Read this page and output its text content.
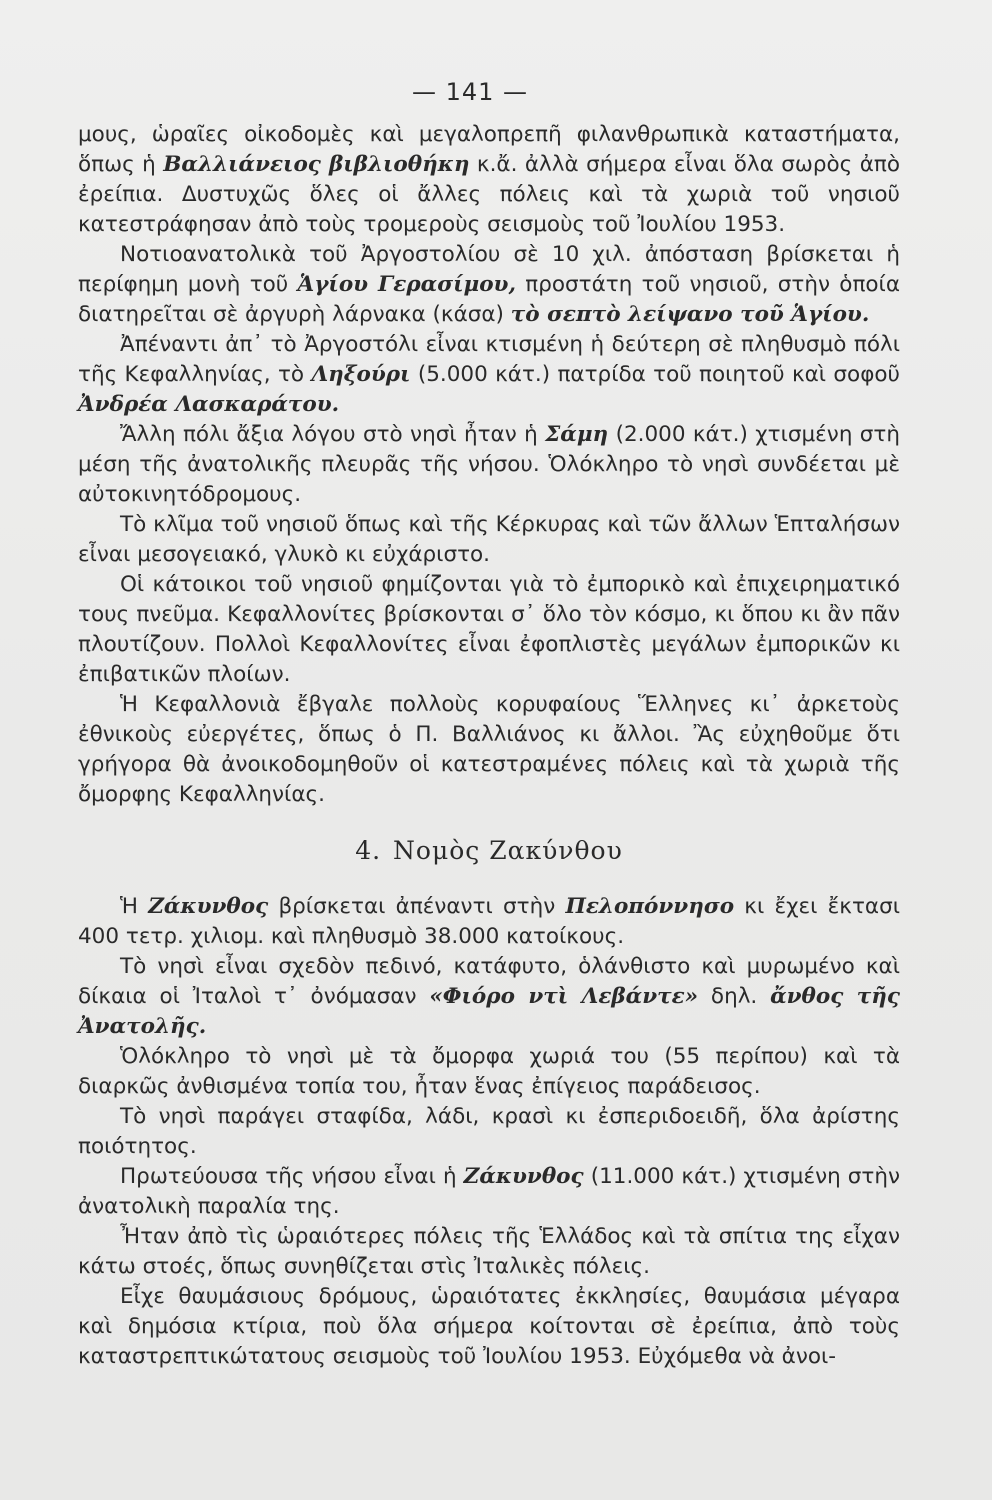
— 141 —

μους, ὡραῖες οἰκοδομὲς καὶ μεγαλοπρεπῆ φιλανθρωπικὰ καταστήματα, ὅπως ἡ Βαλλιάνειος βιβλιοθήκη κ.ἄ. ἀλλὰ σήμερα εἶναι ὅλα σωρὸς ἀπὸ ἐρείπια. Δυστυχῶς ὅλες οἱ ἄλλες πόλεις καὶ τὰ χωριὰ τοῦ νησιοῦ κατεστράφησαν ἀπὸ τοὺς τρομεροὺς σεισμοὺς τοῦ Ἰουλίου 1953.

Νοτιοανατολικὰ τοῦ Ἀργοστολίου σὲ 10 χιλ. ἀπόσταση βρίσκεται ἡ περίφημη μονὴ τοῦ Ἁγίου Γερασίμου, προστάτη τοῦ νησιοῦ, στὴν ὁποία διατηρεῖται σὲ ἀργυρὴ λάρνακα (κάσα) τὸ σεπτὸ λείψανο τοῦ Ἁγίου.

Ἀπέναντι ἀπ᾽ τὸ Ἀργοστόλι εἶναι κτισμένη ἡ δεύτερη σὲ πληθυσμὸ πόλι τῆς Κεφαλληνίας, τὸ Ληξούρι (5.000 κάτ.) πατρίδα τοῦ ποιητοῦ καὶ σοφοῦ Ἀνδρέα Λασκαράτου.

Ἄλλη πόλι ἄξια λόγου στὸ νησὶ ἦταν ἡ Σάμη (2.000 κάτ.) χτισμένη στὴ μέση τῆς ἀνατολικῆς πλευρᾶς τῆς νήσου. Ὁλόκληρο τὸ νησὶ συνδέεται μὲ αὐτοκινητόδρομους.

Τὸ κλῖμα τοῦ νησιοῦ ὅπως καὶ τῆς Κέρκυρας καὶ τῶν ἄλλων Ἑπταλήσων εἶναι μεσογειακό, γλυκὸ κι εὐχάριστο.

Οἱ κάτοικοι τοῦ νησιοῦ φημίζονται γιὰ τὸ ἐμπορικὸ καὶ ἐπιχειρηματικό τους πνεῦμα. Κεφαλλονίτες βρίσκονται σ᾽ ὅλο τὸν κόσμο, κι ὅπου κι ἂν πᾶν πλουτίζουν. Πολλοὶ Κεφαλλονίτες εἶναι ἐφοπλιστὲς μεγάλων ἐμπορικῶν κι ἐπιβατικῶν πλοίων.

Ἡ Κεφαλλονιὰ ἔβγαλε πολλοὺς κορυφαίους Ἕλληνες κι᾽ ἀρκετοὺς ἐθνικοὺς εὐεργέτες, ὅπως ὁ Π. Βαλλιάνος κι ἄλλοι. Ἂς εὐχηθοῦμε ὅτι γρήγορα θὰ ἀνοικοδομηθοῦν οἱ κατεστραμένες πόλεις καὶ τὰ χωριὰ τῆς ὄμορφης Κεφαλληνίας.

4. Νομὸς Ζακύνθου

Ἡ Ζάκυνθος βρίσκεται ἀπέναντι στὴν Πελοπόννησο κι ἔχει ἔκτασι 400 τετρ. χιλιομ. καὶ πληθυσμὸ 38.000 κατοίκους.

Τὸ νησὶ εἶναι σχεδὸν πεδινό, κατάφυτο, ὁλάνθιστο καὶ μυρωμένο καὶ δίκαια οἱ Ἰταλοὶ τ᾽ ὀνόμασαν «Φιόρο ντὶ Λεβάντε» δηλ. ἄνθος τῆς Ἀνατολῆς.

Ὁλόκληρο τὸ νησὶ μὲ τὰ ὄμορφα χωριά του (55 περίπου) καὶ τὰ διαρκῶς ἀνθισμένα τοπία του, ἦταν ἕνας ἐπίγειος παράδεισος.

Τὸ νησὶ παράγει σταφίδα, λάδι, κρασὶ κι ἐσπεριδοειδῆ, ὅλα ἀρίστης ποιότητος.

Πρωτεύουσα τῆς νήσου εἶναι ἡ Ζάκυνθος (11.000 κάτ.) χτισμένη στὴν ἀνατολικὴ παραλία της.

Ἦταν ἀπὸ τὶς ὡραιότερες πόλεις τῆς Ἑλλάδος καὶ τὰ σπίτια της εἶχαν κάτω στοές, ὅπως συνηθίζεται στὶς Ἰταλικὲς πόλεις.

Εἶχε θαυμάσιους δρόμους, ὡραιότατες ἐκκλησίες, θαυμάσια μέγαρα καὶ δημόσια κτίρια, ποὺ ὅλα σήμερα κοίτονται σὲ ἐρείπια, ἀπὸ τοὺς καταστρεπτικώτατους σεισμοὺς τοῦ Ἰουλίου 1953. Εὐχόμεθα νὰ ἀνοι-
